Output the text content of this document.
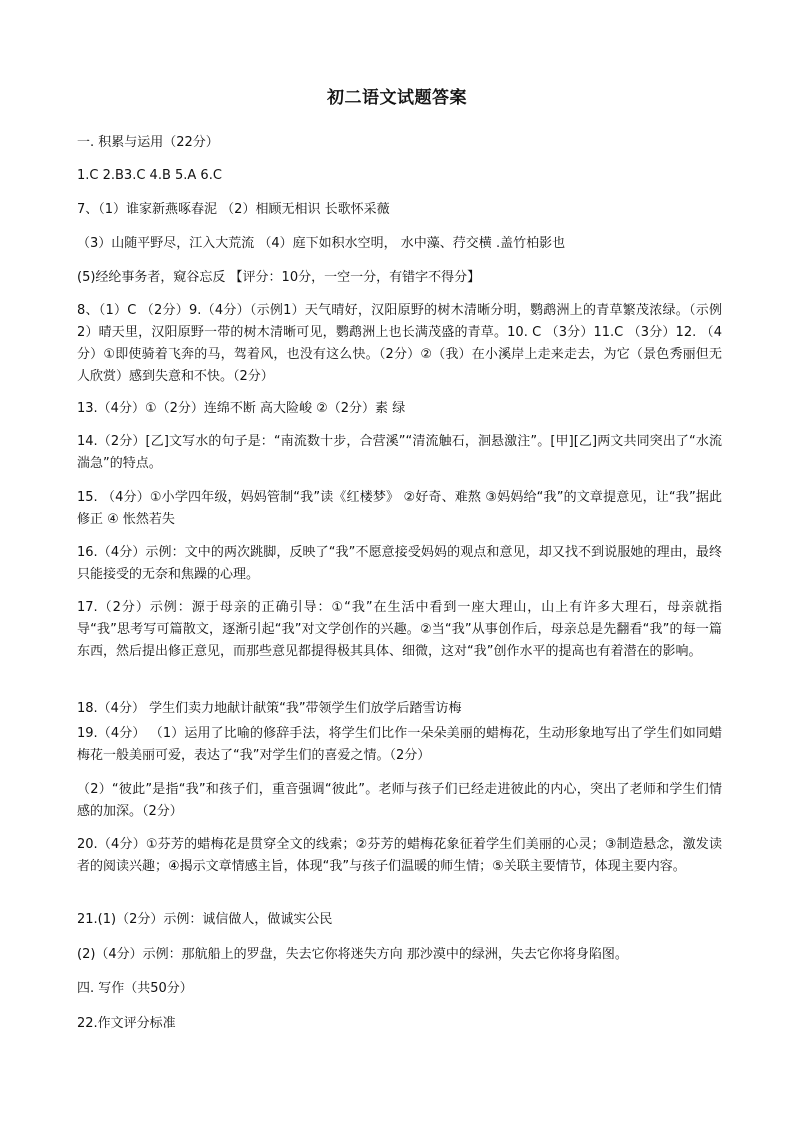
初二语文试题答案
一. 积累与运用（22分）
1.C 2.B3.C 4.B 5.A 6.C
7、（1）谁家新燕啄春泥 （2）相顾无相识 长歌怀采薇
（3）山随平野尽，江入大荒流 （4）庭下如积水空明， 水中藻、荇交横 .盖竹柏影也
(5)经纶事务者，窥谷忘反 【评分：10分，一空一分，有错字不得分】
8、（1）C （2分）9.（4分）（示例1）天气晴好，汉阳原野的树木清晰分明，鹦鹉洲上的青草繁茂浓绿。（示例2）晴天里，汉阳原野一带的树木清晰可见，鹦鹉洲上也长满茂盛的青草。10. C （3分）11.C （3分）12. （4分）①即使骑着飞奔的马，驾着风，也没有这么快。（2分）②（我）在小溪岸上走来走去，为它（景色秀丽但无人欣赏）感到失意和不快。（2分）
13.（4分）①（2分）连绵不断 高大险峻 ②（2分）素 绿
14.（2分）[乙]文写水的句子是：“南流数十步，合营溪”“清流触石，洄悬激注”。[甲][乙]两文共同突出了“水流湍急”的特点。
15. （4分）①小学四年级，妈妈管制“我”读《红楼梦》 ②好奇、难熬 ③妈妈给“我”的文章提意见，让“我”据此修正 ④ 怅然若失
16.（4分）示例：文中的两次跳脚，反映了“我”不愿意接受妈妈的观点和意见，却又找不到说服她的理由，最终只能接受的无奈和焦躁的心理。
17.（2分）示例：源于母亲的正确引导：①“我”在生活中看到一座大理山，山上有许多大理石，母亲就指导“我”思考写可篇散文，逐渐引起“我”对文学创作的兴趣。②当“我”从事创作后，母亲总是先翻看“我”的每一篇东西，然后提出修正意见，而那些意见都提得极其具体、细微，这对“我”创作水平的提高也有着潜在的影响。
18.（4分） 学生们卖力地献计献策“我”带领学生们放学后踏雪访梅
19.（4分） （1）运用了比喻的修辞手法，将学生们比作一朵朵美丽的蜡梅花，生动形象地写出了学生们如同蜡梅花一般美丽可爱，表达了“我”对学生们的喜爱之情。（2分）
（2）“彼此”是指“我”和孩子们，重音强调“彼此”。老师与孩子们已经走进彼此的内心，突出了老师和学生们情感的加深。（2分）
20.（4分）①芬芳的蜡梅花是贯穿全文的线索；②芬芳的蜡梅花象征着学生们美丽的心灵；③制造悬念，激发读者的阅读兴趣；④揭示文章情感主旨，体现“我”与孩子们温暖的师生情；⑤关联主要情节，体现主要内容。
21.(1)（2分）示例：诚信做人，做诚实公民
(2)（4分）示例：那航船上的罗盘，失去它你将迷失方向 那沙漠中的绿洲，失去它你将身陷图。
四. 写作（共50分）
22.作文评分标准
